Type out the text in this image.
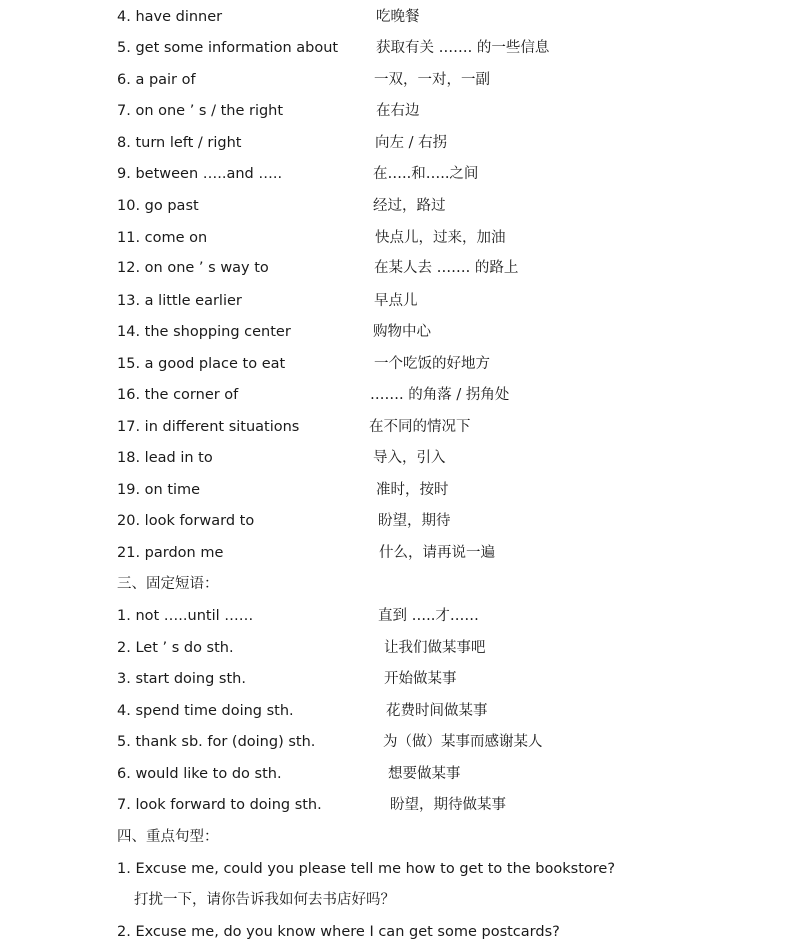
4. have dinner	吃晚餐
5. get some information about	获取有关 ……. 的一些信息
6. a pair of	一双，一对，一副
7. on one ’ s / the right	在右边
8. turn left / right	向左 / 右拐
9. between …..and …..	在…..和…..之间
10. go past	经过，路过
11. come on	快点儿，过来，加油
12. on one ’ s way to	在某人去 ……. 的路上
13. a little earlier	早点儿
14. the shopping center	购物中心
15. a good place to eat	一个吃饭的好地方
16. the corner of	……. 的角落 / 拐角处
17. in different situations	在不同的情况下
18. lead in to	导入，引入
19. on time	准时，按时
20. look forward to	盼望，期待
21. pardon me	什么，请再说一遍
三、固定短语：
1. not …..until ……	直到 …..才……
2. Let ’ s do sth.	让我们做某事吧
3. start doing sth.	开始做某事
4. spend time doing sth.	花费时间做某事
5. thank sb. for (doing) sth.	为（做）某事而感谢某人
6. would like to do sth.	想要做某事
7. look forward to doing sth.	盼望，期待做某事
四、重点句型：
1. Excuse me, could you please tell me how to get to the bookstore?
打扰一下，请你告诉我如何去书店好吗？
2. Excuse me, do you know where I can get some postcards?
